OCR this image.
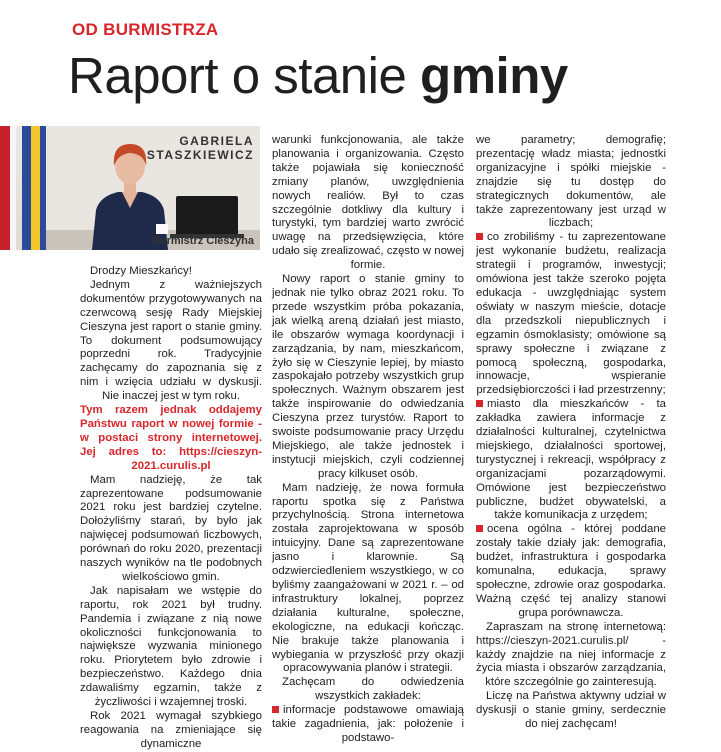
OD BURMISTRZA
Raport o stanie gminy
GABRIELA
STASZKIEWICZ
Burmistrz Cieszyna

Drodzy Mieszkańcy!

Jednym z ważniejszych dokumentów przygotowywanych na czerwcową sesję Rady Miejskiej Cieszyna jest raport o stanie gminy. To dokument podsumowujący poprzedni rok. Tradycyjnie zachęcamy do zapoznania się z nim i wzięcia udziału w dyskusji. Nie inaczej jest w tym roku.

Tym razem jednak oddajemy Państwu raport w nowej formie - w postaci strony internetowej. Jej adres to: https://cieszyn-2021.curulis.pl

Mam nadzieję, że tak zaprezentowane podsumowanie 2021 roku jest bardziej czytelne. Dołożyliśmy starań, by było jak najwięcej podsumowań liczbowych, porównań do roku 2020, prezentacji naszych wyników na tle podobnych wielkościowo gmin.

Jak napisałam we wstępie do raportu, rok 2021 był trudny. Pandemia i związane z nią nowe okoliczności funkcjonowania to największe wyzwania minionego roku. Priorytetem było zdrowie i bezpieczeństwo. Każdego dnia zdawaliśmy egzamin, także z życzliwości i wzajemnej troski.

Rok 2021 wymagał szybkiego reagowania na zmieniające się dynamiczne

warunki funkcjonowania, ale także planowania i organizowania. Często także pojawiała się konieczność zmiany planów, uwzględnienia nowych realiów. Był to czas szczególnie dotkliwy dla kultury i turystyki, tym bardziej warto zwrócić uwagę na przedsięwzięcia, które udało się zrealizować, często w nowej formie.

Nowy raport o stanie gminy to jednak nie tylko obraz 2021 roku. To przede wszystkim próba pokazania, jak wielką areną działań jest miasto, ile obszarów wymaga koordynacji i zarządzania, by nam, mieszkańcom, żyło się w Cieszynie lepiej, by miasto zaspokajało potrzeby wszystkich grup społecznych. Ważnym obszarem jest także inspirowanie do odwiedzania Cieszyna przez turystów. Raport to swoiste podsumowanie pracy Urzędu Miejskiego, ale także jednostek i instytucji miejskich, czyli codziennej pracy kilkuset osób.

Mam nadzieję, że nowa formuła raportu spotka się z Państwa przychylnością. Strona internetowa została zaprojektowana w sposób intuicyjny. Dane są zaprezentowane jasno i klarownie. Są odzwierciedleniem wszystkiego, w co byliśmy zaangażowani w 2021 r. – od infrastruktury lokalnej, poprzez działania kulturalne, społeczne, ekologiczne, na edukacji kończąc. Nie brakuje także planowania i wybiegania w przyszłość przy okazji opracowywania planów i strategii.

Zachęcam do odwiedzenia wszystkich zakładek:

informacje podstawowe omawiają takie zagadnienia, jak: położenie i podstawo-

we parametry; demografię; prezentację władz miasta; jednostki organizacyjne i spółki miejskie - znajdzie się tu dostęp do strategicznych dokumentów, ale także zaprezentowany jest urząd w liczbach;

co zrobiliśmy - tu zaprezentowane jest wykonanie budżetu, realizacja strategii i programów, inwestycji; omówiona jest także szeroko pojęta edukacja - uwzględniając system oświaty w naszym mieście, dotacje dla przedszkoli niepublicznych i egzamin ósmoklasisty; omówione są sprawy społeczne i związane z pomocą społeczną, gospodarka, innowacje, wspieranie przedsiębiorczości i ład przestrzenny;

miasto dla mieszkańców - ta zakładka zawiera informacje z działalności kulturalnej, czytelnictwa miejskiego, działalności sportowej, turystycznej i rekreacji, współpracy z organizacjami pozarządowymi. Omówione jest bezpieczeństwo publiczne, budżet obywatelski, a także komunikacja z urzędem;

ocena ogólna - której poddane zostały takie działy jak: demografia, budżet, infrastruktura i gospodarka komunalna, edukacja, sprawy społeczne, zdrowie oraz gospodarka. Ważną część tej analizy stanowi grupa porównawcza.

Zapraszam na stronę internetową: https://cieszyn-2021.curulis.pl/ - każdy znajdzie na niej informacje z życia miasta i obszarów zarządzania, które szczególnie go zainteresują.

Liczę na Państwa aktywny udział w dyskusji o stanie gminy, serdecznie do niej zachęcam!
